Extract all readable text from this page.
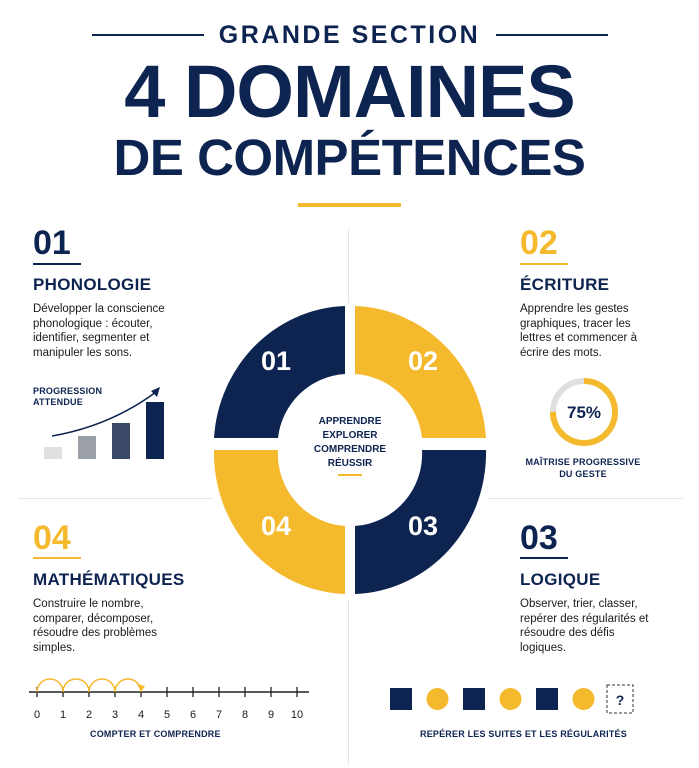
GRANDE SECTION
4 DOMAINES
DE COMPÉTENCES
01
PHONOLOGIE
Développer la conscience phonologique : écouter, identifier, segmenter et manipuler les sons.
PROGRESSION ATTENDUE
02
ÉCRITURE
Apprendre les gestes graphiques, tracer les lettres et commencer à écrire des mots.
75%
MAÎTRISE PROGRESSIVE DU GESTE
01	02
04	03
APPRENDRE
EXPLORER
COMPRENDRE
RÉUSSIR
04
MATHÉMATIQUES
Construire le nombre, comparer, décomposer, résoudre des problèmes simples.
0 1 2 3 4 5 6 7 8 9 10
COMPTER ET COMPRENDRE
03
LOGIQUE
Observer, trier, classer, repérer des régularités et résoudre des défis logiques.
?
REPÉRER LES SUITES ET LES RÉGULARITÉS
